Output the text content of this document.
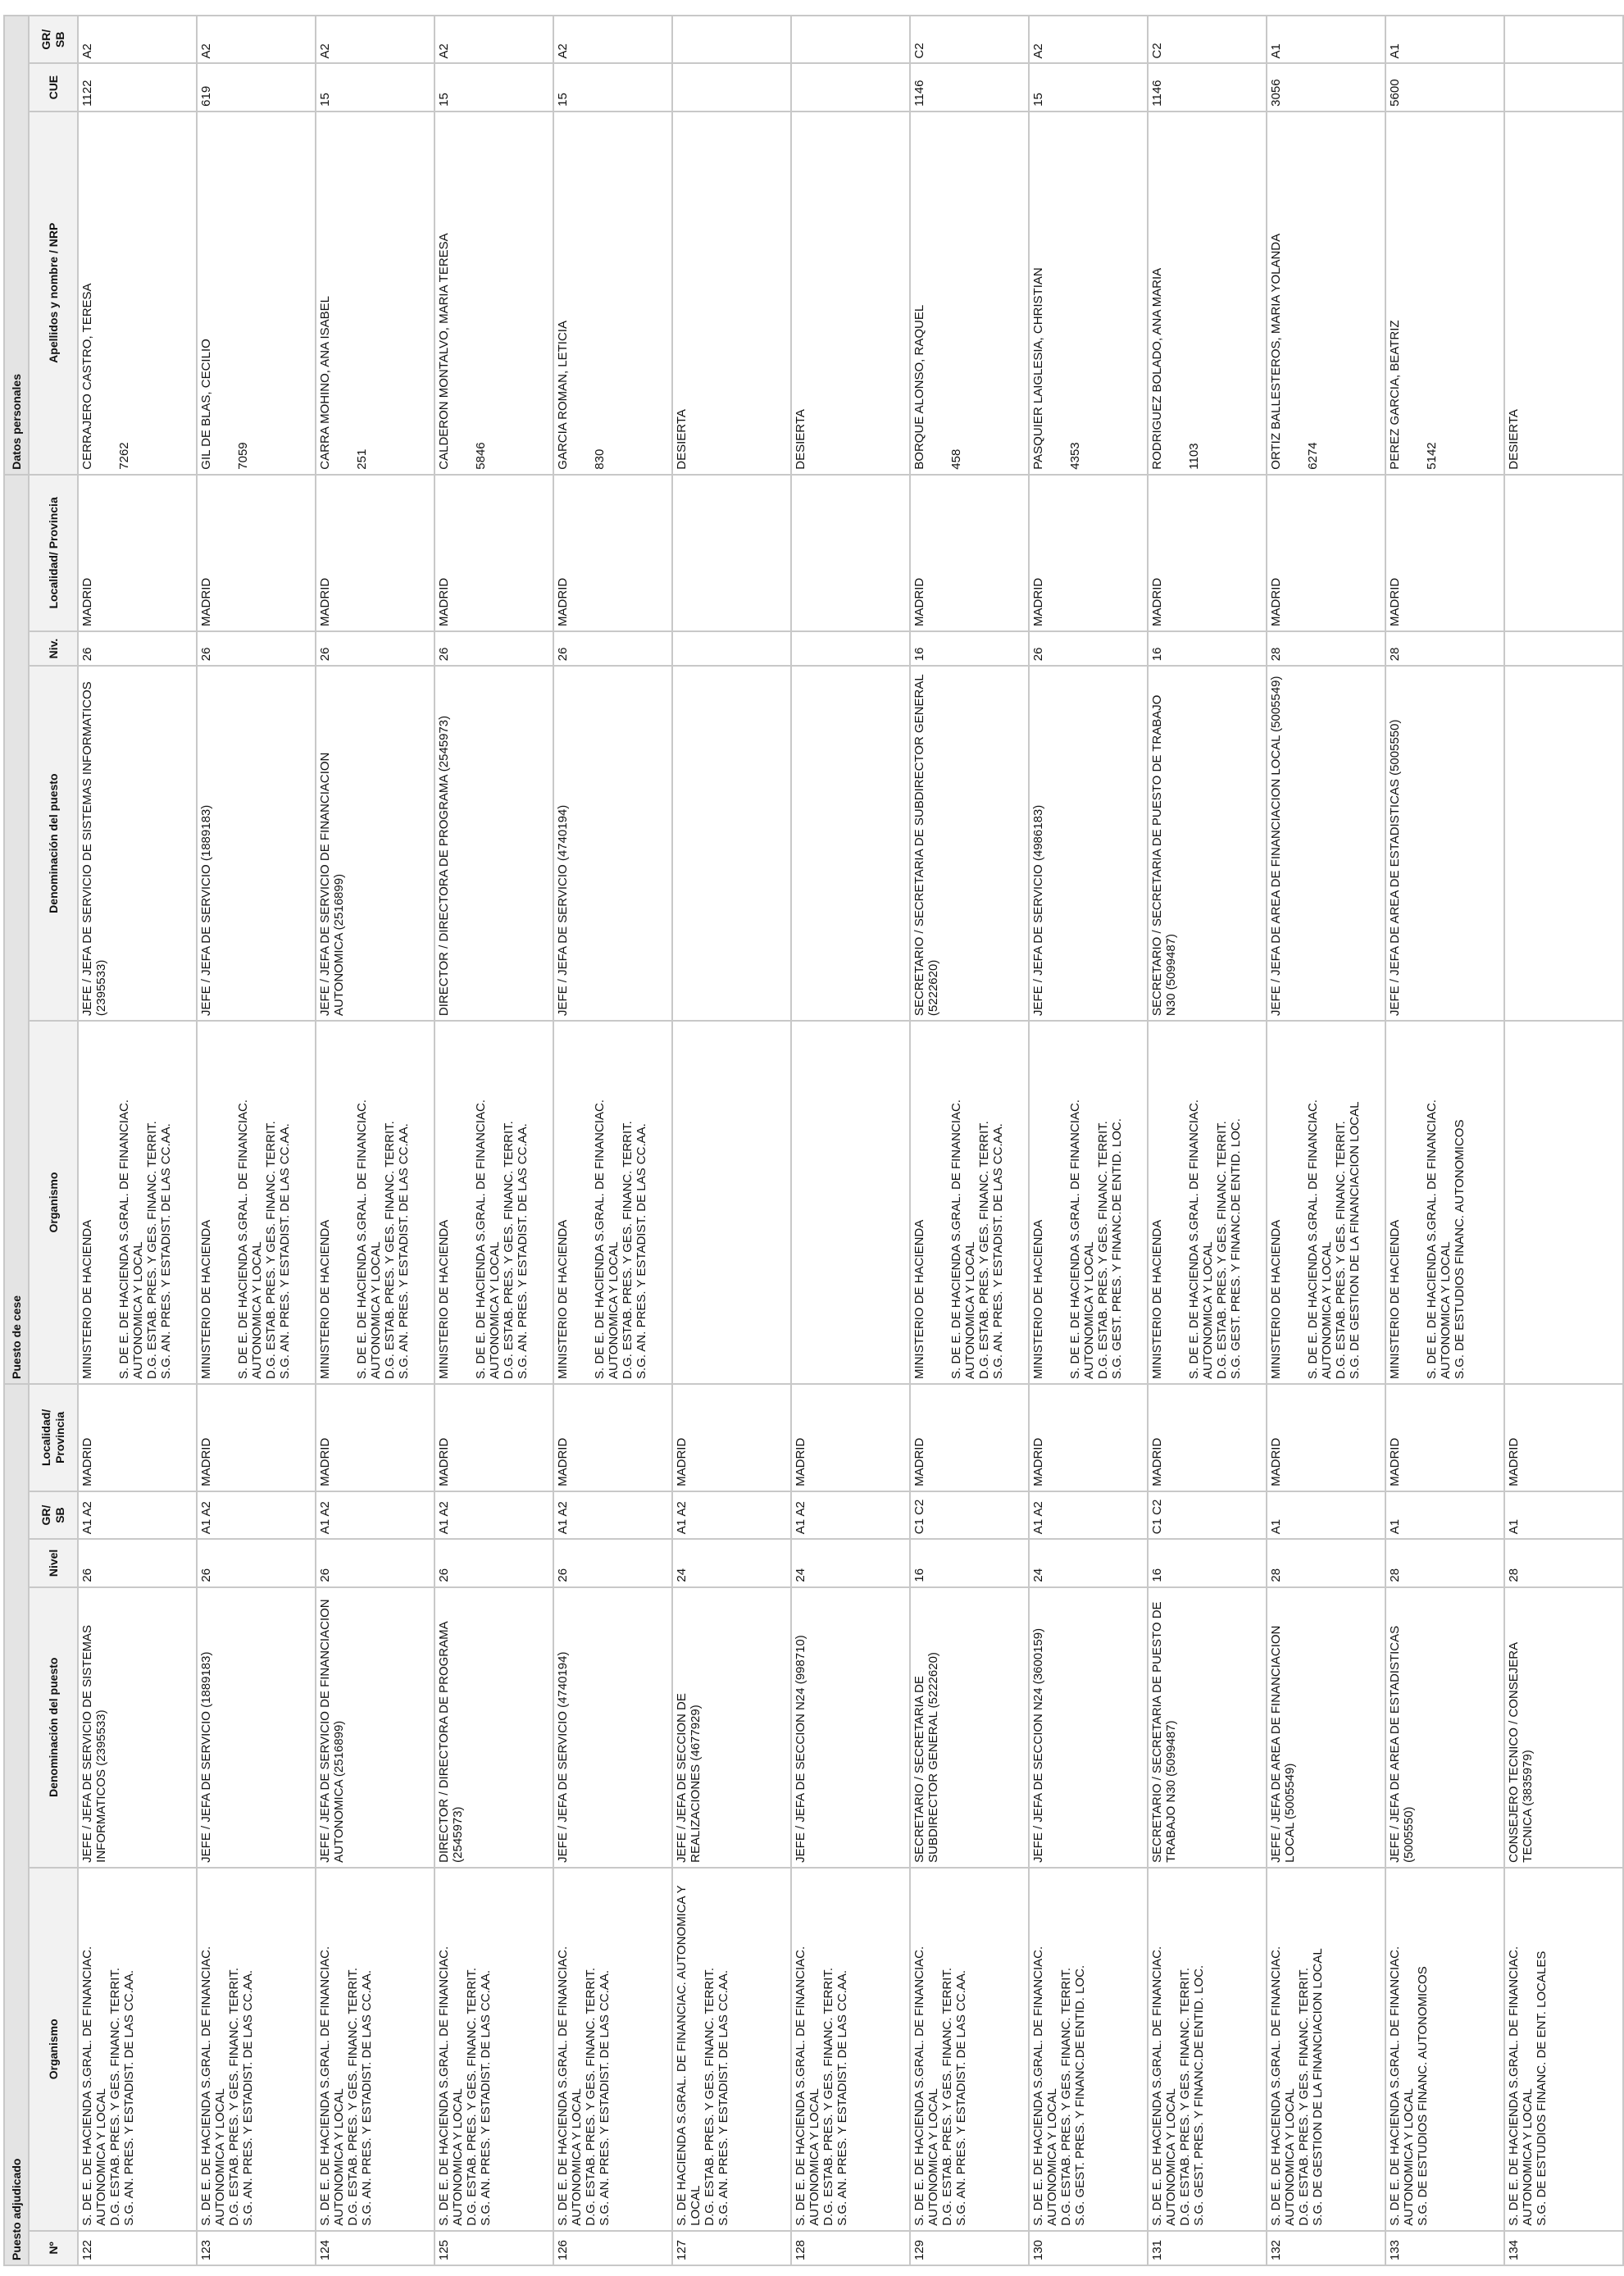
Puesto adjudicado						Puesto de cese				Datos personales		
Nº	Organismo	Denominación del puesto	Nivel	GR/ SB	Localidad/ Provincia	Organismo	Denominación del puesto	Niv.	Localidad/ Provincia	Apellidos y nombre / NRP	CUE	GR/ SB
122	S. DE E. DE HACIENDA S.GRAL. DE FINANCIAC. AUTONOMICA Y LOCAL D.G. ESTAB. PRES. Y GES. FINANC. TERRIT. S.G. AN. PRES. Y ESTADIST. DE LAS CC.AA.	JEFE / JEFA DE SERVICIO DE SISTEMAS INFORMATICOS (2395533)	26	A1 A2	MADRID	MINISTERIO DE HACIENDA S. DE E. DE HACIENDA S.GRAL. DE FINANCIAC. AUTONOMICA Y LOCAL D.G. ESTAB. PRES. Y GES. FINANC. TERRIT. S.G. AN. PRES. Y ESTADIST. DE LAS CC.AA.	JEFE / JEFA DE SERVICIO DE SISTEMAS INFORMATICOS (2395533)	26	MADRID	CERRAJERO CASTRO, TERESA 7262	1122	A2
123	S. DE E. DE HACIENDA S.GRAL. DE FINANCIAC. AUTONOMICA Y LOCAL D.G. ESTAB. PRES. Y GES. FINANC. TERRIT. S.G. AN. PRES. Y ESTADIST. DE LAS CC.AA.	JEFE / JEFA DE SERVICIO (1889183)	26	A1 A2	MADRID	MINISTERIO DE HACIENDA S. DE E. DE HACIENDA S.GRAL. DE FINANCIAC. AUTONOMICA Y LOCAL D.G. ESTAB. PRES. Y GES. FINANC. TERRIT. S.G. AN. PRES. Y ESTADIST. DE LAS CC.AA.	JEFE / JEFA DE SERVICIO (1889183)	26	MADRID	GIL DE BLAS, CECILIO 7059	619	A2
124	S. DE E. DE HACIENDA S.GRAL. DE FINANCIAC. AUTONOMICA Y LOCAL D.G. ESTAB. PRES. Y GES. FINANC. TERRIT. S.G. AN. PRES. Y ESTADIST. DE LAS CC.AA.	JEFE / JEFA DE SERVICIO DE FINANCIACION AUTONOMICA (2516899)	26	A1 A2	MADRID	MINISTERIO DE HACIENDA S. DE E. DE HACIENDA S.GRAL. DE FINANCIAC. AUTONOMICA Y LOCAL D.G. ESTAB. PRES. Y GES. FINANC. TERRIT. S.G. AN. PRES. Y ESTADIST. DE LAS CC.AA.	JEFE / JEFA DE SERVICIO DE FINANCIACION AUTONOMICA (2516899)	26	MADRID	CARRA MOHINO, ANA ISABEL 251	15	A2
125	S. DE E. DE HACIENDA S.GRAL. DE FINANCIAC. AUTONOMICA Y LOCAL D.G. ESTAB. PRES. Y GES. FINANC. TERRIT. S.G. AN. PRES. Y ESTADIST. DE LAS CC.AA.	DIRECTOR / DIRECTORA DE PROGRAMA (2545973)	26	A1 A2	MADRID	MINISTERIO DE HACIENDA S. DE E. DE HACIENDA S.GRAL. DE FINANCIAC. AUTONOMICA Y LOCAL D.G. ESTAB. PRES. Y GES. FINANC. TERRIT. S.G. AN. PRES. Y ESTADIST. DE LAS CC.AA.	DIRECTOR / DIRECTORA DE PROGRAMA (2545973)	26	MADRID	CALDERON MONTALVO, MARIA TERESA 5846	15	A2
126	S. DE E. DE HACIENDA S.GRAL. DE FINANCIAC. AUTONOMICA Y LOCAL D.G. ESTAB. PRES. Y GES. FINANC. TERRIT. S.G. AN. PRES. Y ESTADIST. DE LAS CC.AA.	JEFE / JEFA DE SERVICIO (4740194)	26	A1 A2	MADRID	MINISTERIO DE HACIENDA S. DE E. DE HACIENDA S.GRAL. DE FINANCIAC. AUTONOMICA Y LOCAL D.G. ESTAB. PRES. Y GES. FINANC. TERRIT. S.G. AN. PRES. Y ESTADIST. DE LAS CC.AA.	JEFE / JEFA DE SERVICIO (4740194)	26	MADRID	GARCIA ROMAN, LETICIA 830	15	A2
127	S. DE HACIENDA S.GRAL. DE FINANCIAC. AUTONOMICA Y LOCAL D.G. ESTAB. PRES. Y GES. FINANC. TERRIT. S.G. AN. PRES. Y ESTADIST. DE LAS CC.AA.	JEFE / JEFA DE SECCION DE REALIZACIONES (4677929)	24	A1 A2	MADRID					DESIERTA		

128	S. DE E. DE HACIENDA S.GRAL. DE FINANCIAC. AUTONOMICA Y LOCAL D.G. ESTAB. PRES. Y GES. FINANC. TERRIT. S.G. AN. PRES. Y ESTADIST. DE LAS CC.AA.	JEFE / JEFA DE SECCION N24 (998710)	24	A1 A2	MADRID					DESIERTA		

129	S. DE E. DE HACIENDA S.GRAL. DE FINANCIAC. AUTONOMICA Y LOCAL D.G. ESTAB. PRES. Y GES. FINANC. TERRIT. S.G. AN. PRES. Y ESTADIST. DE LAS CC.AA.	SECRETARIO / SECRETARIA DE SUBDIRECTOR GENERAL (5222620)	16	C1 C2	MADRID	MINISTERIO DE HACIENDA S. DE E. DE HACIENDA S.GRAL. DE FINANCIAC. AUTONOMICA Y LOCAL D.G. ESTAB. PRES. Y GES. FINANC. TERRIT. S.G. AN. PRES. Y ESTADIST. DE LAS CC.AA.	SECRETARIO / SECRETARIA DE SUBDIRECTOR GENERAL (5222620)	16	MADRID	BORQUE ALONSO, RAQUEL 458	1146	C2
130	S. DE E. DE HACIENDA S.GRAL. DE FINANCIAC. AUTONOMICA Y LOCAL D.G. ESTAB. PRES. Y GES. FINANC. TERRIT. S.G. GEST. PRES. Y FINANC.DE ENTID. LOC.	JEFE / JEFA DE SECCION N24 (3600159)	24	A1 A2	MADRID	MINISTERIO DE HACIENDA S. DE E. DE HACIENDA S.GRAL. DE FINANCIAC. AUTONOMICA Y LOCAL D.G. ESTAB. PRES. Y GES. FINANC. TERRIT. S.G. GEST. PRES. Y FINANC.DE ENTID. LOC.	JEFE / JEFA DE SERVICIO (4986183)	26	MADRID	PASQUIER LAIGLESIA, CHRISTIAN 4353	15	A2
131	S. DE E. DE HACIENDA S.GRAL. DE FINANCIAC. AUTONOMICA Y LOCAL D.G. ESTAB. PRES. Y GES. FINANC. TERRIT. S.G. GEST. PRES. Y FINANC.DE ENTID. LOC.	SECRETARIO / SECRETARIA DE PUESTO DE TRABAJO N30 (5099487)	16	C1 C2	MADRID	MINISTERIO DE HACIENDA S. DE E. DE HACIENDA S.GRAL. DE FINANCIAC. AUTONOMICA Y LOCAL D.G. ESTAB. PRES. Y GES. FINANC. TERRIT. S.G. GEST. PRES. Y FINANC.DE ENTID. LOC.	SECRETARIO / SECRETARIA DE PUESTO DE TRABAJO N30 (5099487)	16	MADRID	RODRIGUEZ BOLADO, ANA MARIA 1103	1146	C2
132	S. DE E. DE HACIENDA S.GRAL. DE FINANCIAC. AUTONOMICA Y LOCAL D.G. ESTAB. PRES. Y GES. FINANC. TERRIT. S.G. DE GESTION DE LA FINANCIACION LOCAL	JEFE / JEFA DE AREA DE FINANCIACION LOCAL (5005549)	28	A1	MADRID	MINISTERIO DE HACIENDA S. DE E. DE HACIENDA S.GRAL. DE FINANCIAC. AUTONOMICA Y LOCAL D.G. ESTAB. PRES. Y GES. FINANC. TERRIT. S.G. DE GESTION DE LA FINANCIACION LOCAL	JEFE / JEFA DE AREA DE FINANCIACION LOCAL (5005549)	28	MADRID	ORTIZ BALLESTEROS, MARIA YOLANDA 6274	3056	A1
133	S. DE E. DE HACIENDA S.GRAL. DE FINANCIAC. AUTONOMICA Y LOCAL S.G. DE ESTUDIOS FINANC. AUTONOMICOS	JEFE / JEFA DE AREA DE ESTADISTICAS (5005550)	28	A1	MADRID	MINISTERIO DE HACIENDA S. DE E. DE HACIENDA S.GRAL. DE FINANCIAC. AUTONOMICA Y LOCAL S.G. DE ESTUDIOS FINANC. AUTONOMICOS	JEFE / JEFA DE AREA DE ESTADISTICAS (5005550)	28	MADRID	PEREZ GARCIA, BEATRIZ 5142	5600	A1
134	S. DE E. DE HACIENDA S.GRAL. DE FINANCIAC. AUTONOMICA Y LOCAL S.G. DE ESTUDIOS FINANC. DE ENT. LOCALES	CONSEJERO TECNICO / CONSEJERA TECNICA (3835979)	28	A1	MADRID					DESIERTA		
